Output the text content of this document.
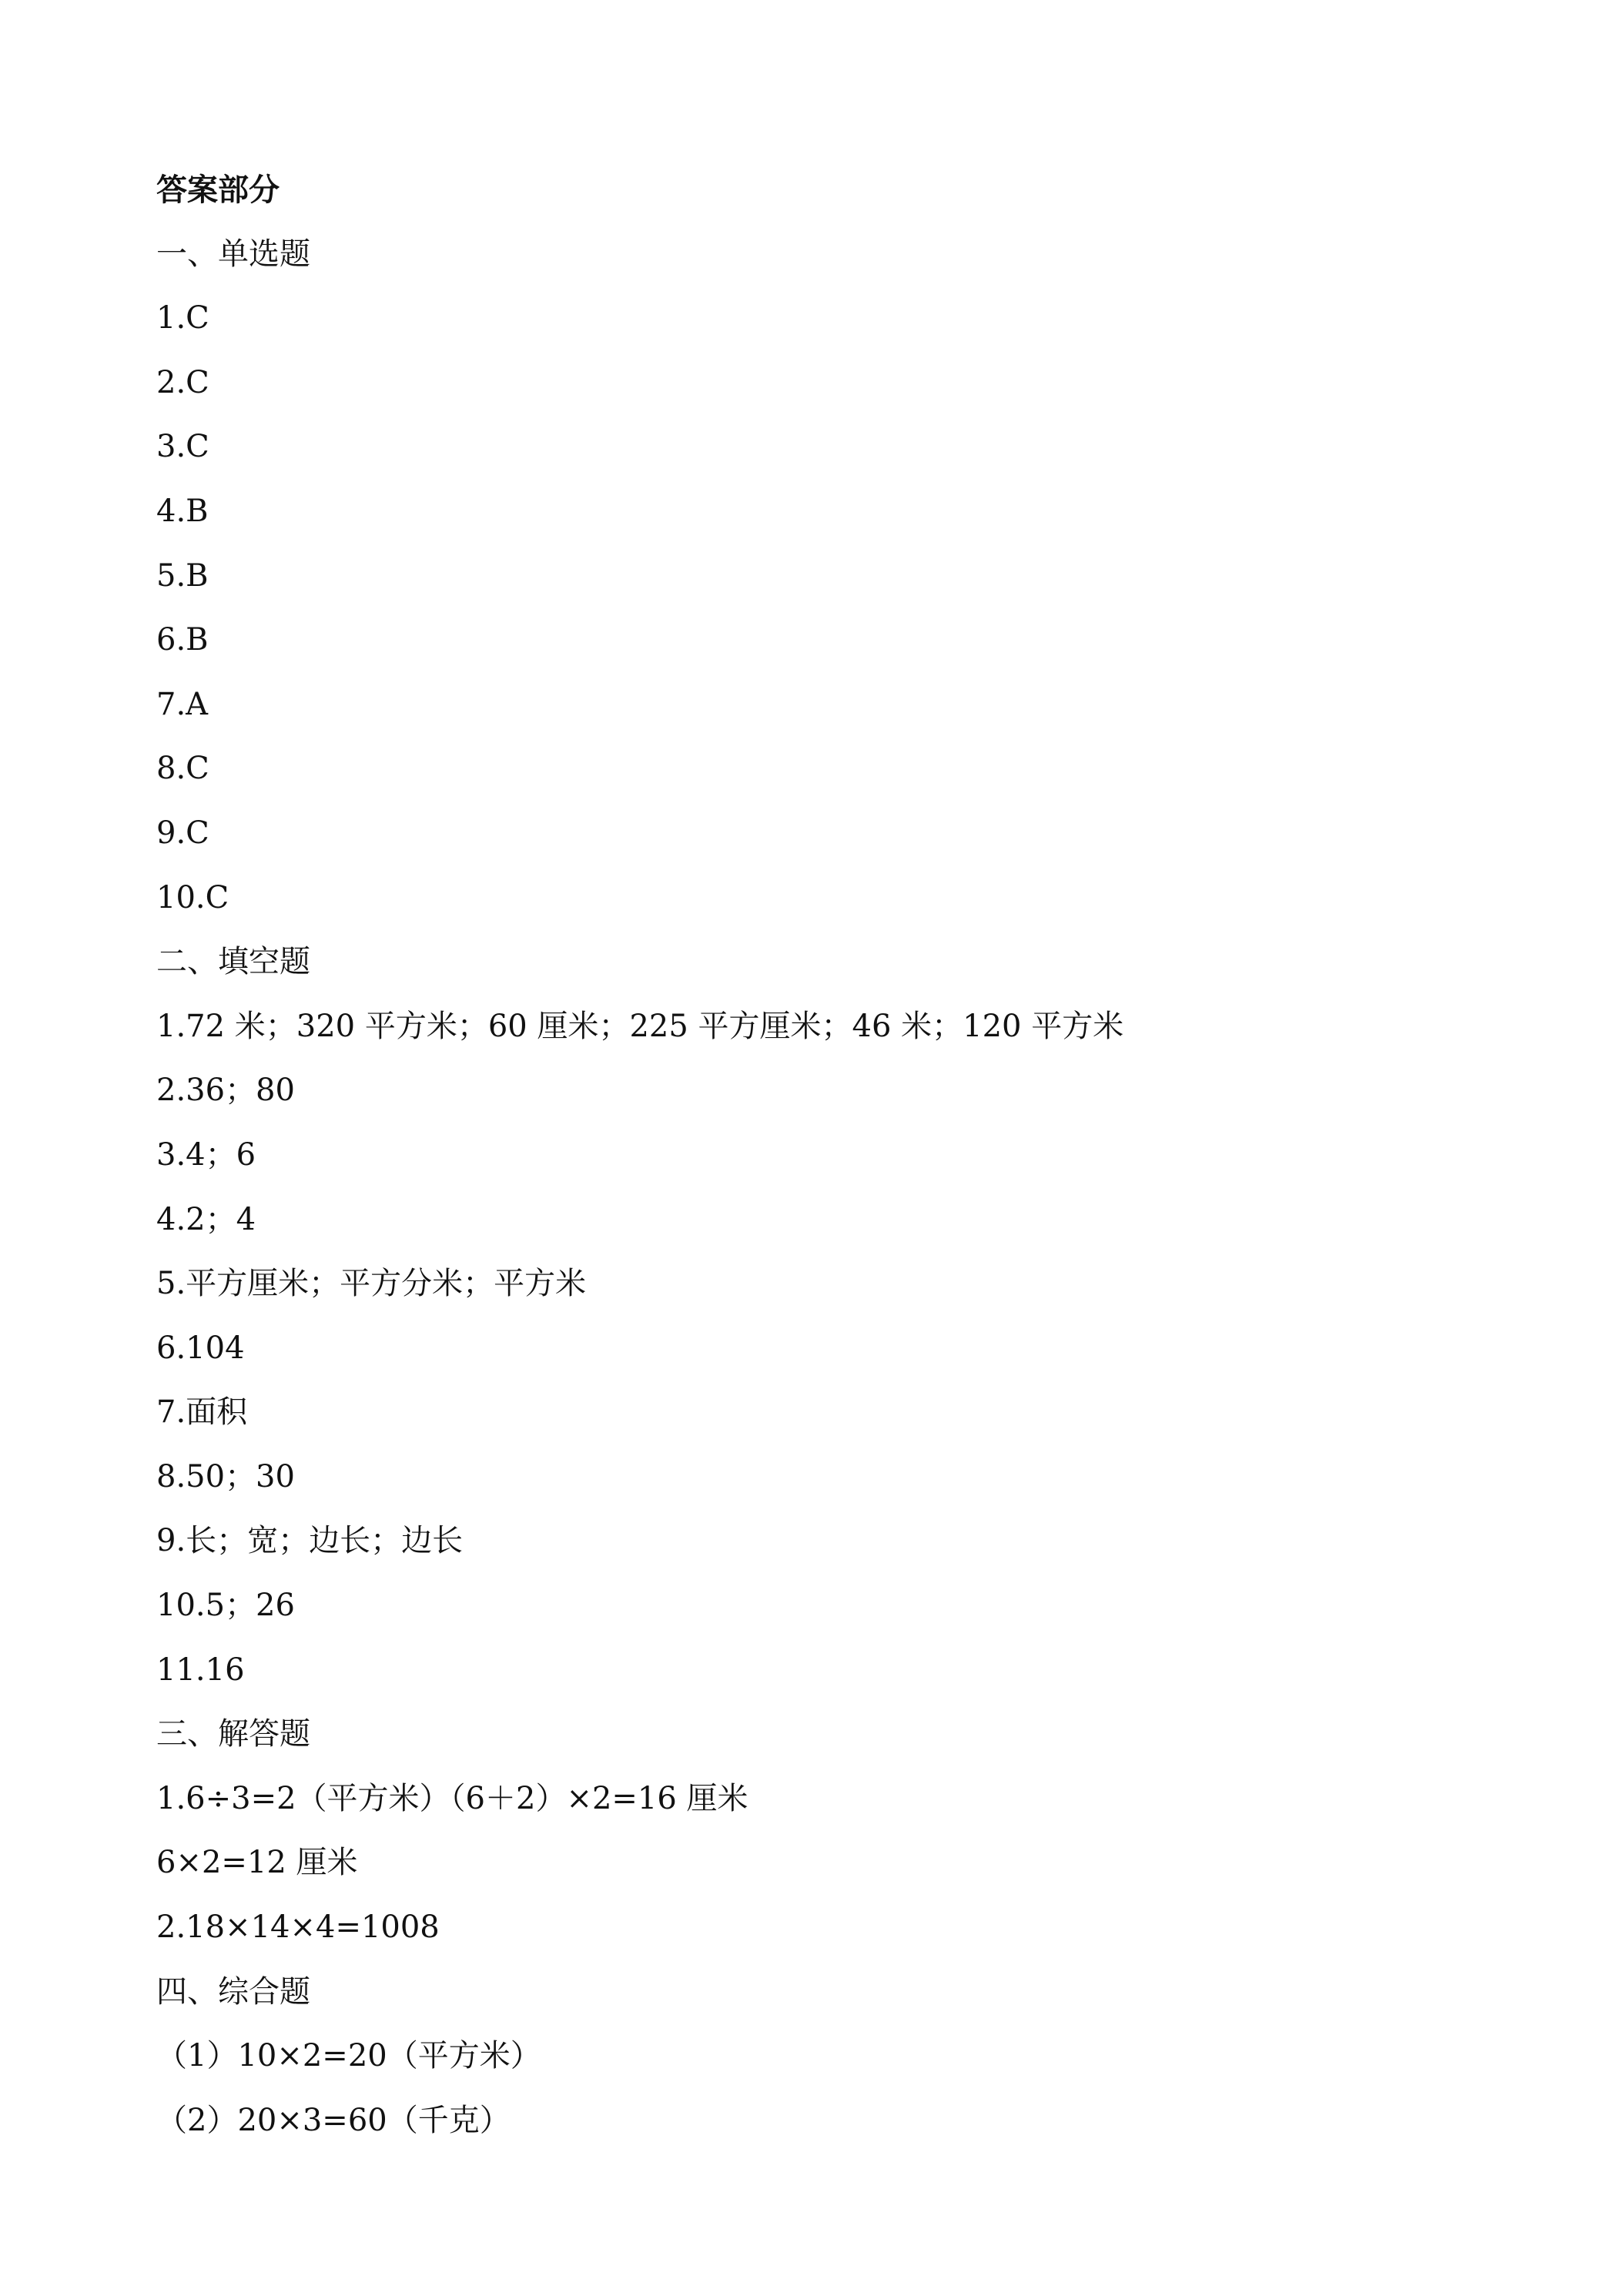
答案部分
一、单选题
1.C
2.C
3.C
4.B
5.B
6.B
7.A
8.C
9.C
10.C
二、填空题
1.72 米；320 平方米；60 厘米；225 平方厘米；46 米；120 平方米
2.36；80
3.4；6
4.2；4
5.平方厘米；平方分米；平方米
6.104
7.面积
8.50；30
9.长；宽；边长；边长
10.5；26
11.16
三、解答题
1.6÷3=2（平方米）（6＋2）×2=16 厘米
6×2=12 厘米
2.18×14×4=1008
四、综合题
（1）10×2=20（平方米）
（2）20×3=60（千克）
